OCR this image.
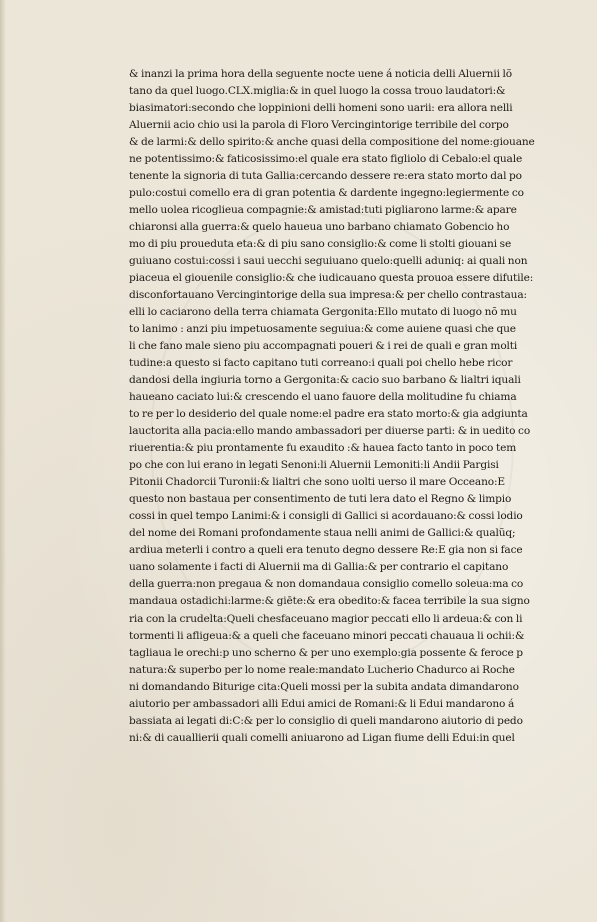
& inanzi la prima hora della seguente nocte uene á noticia delli Aluernii lõ
tano da quel luogo.CLX.miglia:& in quel luogo la cossa trouo laudatori:&
biasimatori:secondo che loppinioni delli homeni sono uarii: era allora nelli
Aluernii acio chio usi la parola di Floro Vercingintorige terribile del corpo
& de larmi:& dello spirito:& anche quasi della compositione del nome:giouane
ne potentissimo:& faticosissimo:el quale era stato figliolo di Cebalo:el quale
tenente la signoria di tuta Gallia:cercando dessere re:era stato morto dal po
pulo:costui comello era di gran potentia & dardente ingegno:legiermente co
mello uolea ricoglieua compagnie:& amistad:tuti pigliarono larme:& apare
chiaronsi alla guerra:& quelo haueua uno barbano chiamato Gobencio ho
mo di piu proueduta eta:& di piu sano consiglio:& come li stolti giouani se
guiuano costui:cossi i saui uecchi seguiuano quelo:quelli aduniq: ai quali non
piaceua el giouenile consiglio:& che iudicauano questa prouoa essere difutile:
disconfortauano Vercingintorige della sua impresa:& per chello contrastaua:
elli lo caciarono della terra chiamata Gergonita:Ello mutato di luogo nõ mu
to lanimo : anzi piu impetuosamente seguiua:& come auiene quasi che que
li che fano male sieno piu accompagnati poueri & i rei de quali e gran molti
tudine:a questo si facto capitano tuti correano:i quali poi chello hebe ricor
dandosi della ingiuria torno a Gergonita:& cacio suo barbano & lialtri iquali
haueano caciato lui:& crescendo el uano fauore della molitudine fu chiama
to re per lo desiderio del quale nome:el padre era stato morto:& gia adgiunta
lauctorita alla pacia:ello mando ambassadori per diuerse parti: & in uedito co
riuerentia:& piu prontamente fu exaudito :& hauea facto tanto in poco tem
po che con lui erano in legati Senoni:li Aluernii Lemoniti:li Andii Pargisi
Pitonii Chadorcii Turonii:& lialtri che sono uolti uerso il mare Occeano:E
questo non bastaua per consentimento de tuti lera dato el Regno & limpio
cossi in quel tempo Lanimi:& i consigli di Gallici si acordauano:& cossi lodio
del nome dei Romani profondamente staua nelli animi de Gallici:& qualũq;
ardiua meterli i contro a queli era tenuto degno dessere Re:E gia non si face
uano solamente i facti di Aluernii ma di Gallia:& per contrario el capitano
della guerra:non pregaua & non domandaua consiglio comello soleua:ma co
mandaua ostadichi:larme:& giēte:& era obedito:& facea terribile la sua signo
ria con la crudelta:Queli chesfaceuano magior peccati ello li ardeua:& con li
tormenti li afligeua:& a queli che faceuano minori peccati chauaua li ochii:&
tagliaua le orechi:p uno scherno & per uno exemplo:gia possente & feroce p
natura:& superbo per lo nome reale:mandato Lucherio Chadurco ai Roche
ni domandando Biturige cita:Queli mossi per la subita andata dimandarono
aiutorio per ambassadori alli Edui amici de Romani:& li Edui mandarono á
bassiata ai legati di:C:& per lo consiglio di queli mandarono aiutorio di pedo
ni:& di cauallierii quali comelli aniuarono ad Ligan fiume delli Edui:in quel
